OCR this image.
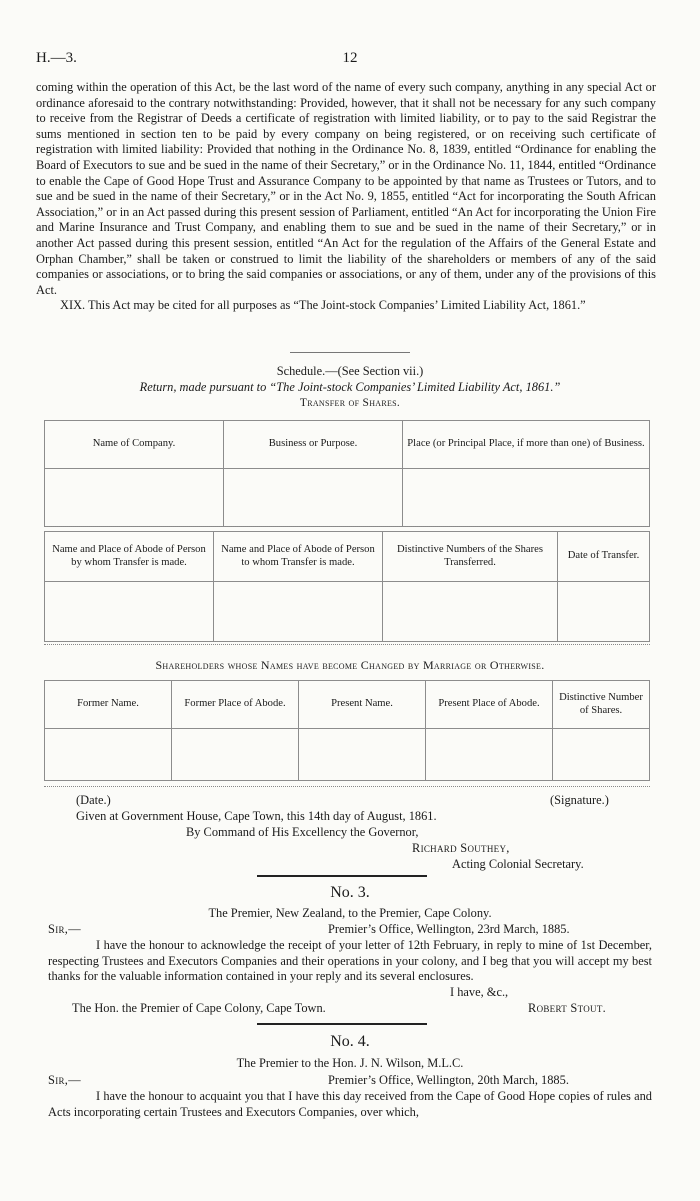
H.—3.	12

coming within the operation of this Act, be the last word of the name of every such company, anything in any special Act or ordinance aforesaid to the contrary notwithstanding: Provided, however, that it shall not be necessary for any such company to receive from the Registrar of Deeds a certificate of registration with limited liability, or to pay to the said Registrar the sums mentioned in section ten to be paid by every company on being registered, or on receiving such certificate of registration with limited liability: Provided that nothing in the Ordinance No. 8, 1839, entitled “Ordinance for enabling the Board of Executors to sue and be sued in the name of their Secretary,” or in the Ordinance No. 11, 1844, entitled “Ordinance to enable the Cape of Good Hope Trust and Assurance Company to be appointed by that name as Trustees or Tutors, and to sue and be sued in the name of their Secretary,” or in the Act No. 9, 1855, entitled “Act for incorporating the South African Association,” or in an Act passed during this present session of Parliament, entitled “An Act for incorporating the Union Fire and Marine Insurance and Trust Company, and enabling them to sue and be sued in the name of their Secretary,” or in another Act passed during this present session, entitled “An Act for the regulation of the Affairs of the General Estate and Orphan Chamber,” shall be taken or construed to limit the liability of the shareholders or members of any of the said companies or associations, or to bring the said companies or associations, or any of them, under any of the provisions of this Act.

XIX. This Act may be cited for all purposes as “The Joint-stock Companies’ Limited Liability Act, 1861.”

Schedule.—(See Section vii.)
Return, made pursuant to “The Joint-stock Companies’ Limited Liability Act, 1861.”
Transfer of Shares.
Name of Company.	Business or Purpose.	Place (or Principal Place, if more than one) of Business.

Name and Place of Abode of Person by whom Transfer is made.	Name and Place of Abode of Person to whom Transfer is made.	Distinctive Numbers of the Shares Transferred.	Date of Transfer.

Shareholders whose Names have become Changed by Marriage or Otherwise.
Former Name.	Former Place of Abode.	Present Name.	Present Place of Abode.	Distinctive Number of Shares.

(Date.)	(Signature.)
Given at Government House, Cape Town, this 14th day of August, 1861.
By Command of His Excellency the Governor,
Richard Southey,
Acting Colonial Secretary.
No. 3.
The Premier, New Zealand, to the Premier, Cape Colony.
Sir,—	Premier’s Office, Wellington, 23rd March, 1885.
I have the honour to acknowledge the receipt of your letter of 12th February, in reply to mine of 1st December, respecting Trustees and Executors Companies and their operations in your colony, and I beg that you will accept my best thanks for the valuable information contained in your reply and its several enclosures.
I have, &c.,
The Hon. the Premier of Cape Colony, Cape Town.	Robert Stout.
No. 4.
The Premier to the Hon. J. N. Wilson, M.L.C.
Sir,—	Premier’s Office, Wellington, 20th March, 1885.
I have the honour to acquaint you that I have this day received from the Cape of Good Hope copies of rules and Acts incorporating certain Trustees and Executors Companies, over which,
